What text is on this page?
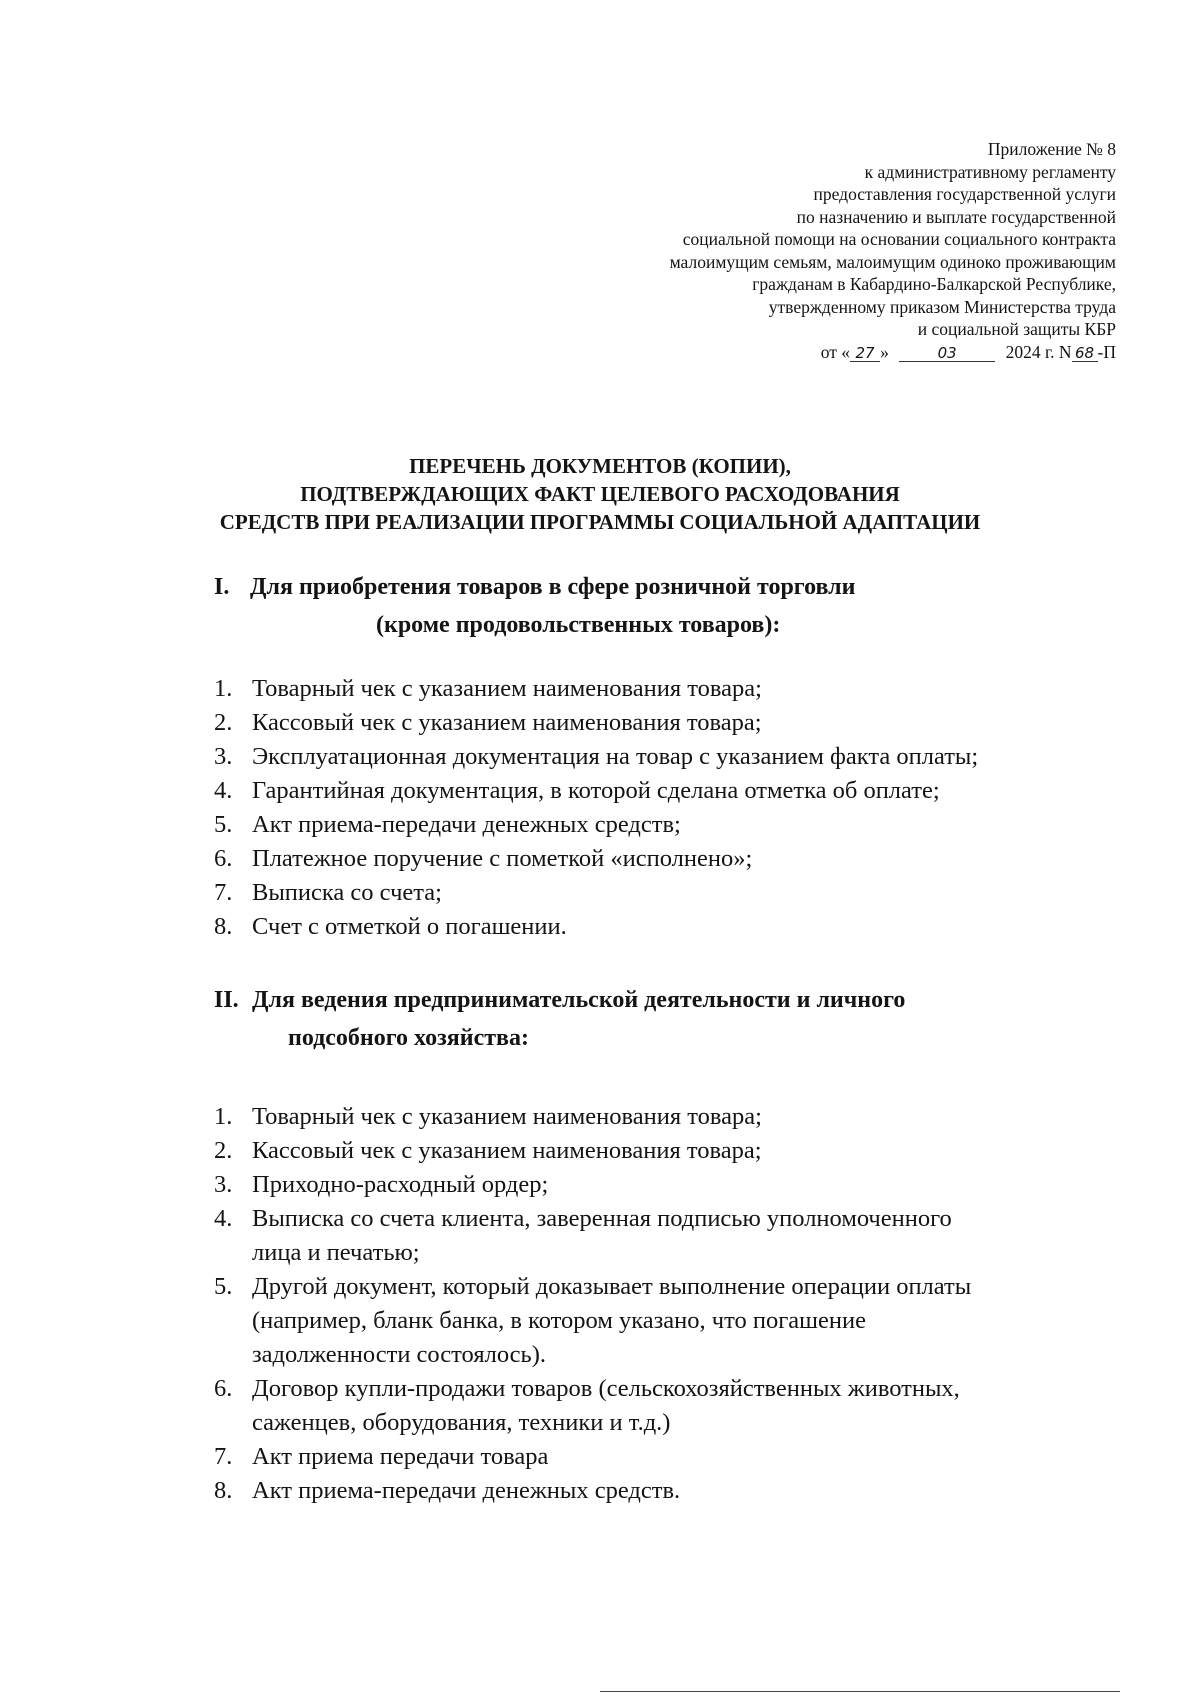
Приложение № 8
к административному регламенту
предоставления государственной услуги
по назначению и выплате государственной
социальной помощи на основании социального контракта
малоимущим семьям, малоимущим одиноко проживающим
гражданам в Кабардино-Балкарской Республике,
утвержденному приказом Министерства труда
и социальной защиты КБР
от « 27 »	03	2024 г. N 68 -П
ПЕРЕЧЕНЬ ДОКУМЕНТОВ (КОПИИ),
ПОДТВЕРЖДАЮЩИХ ФАКТ ЦЕЛЕВОГО РАСХОДОВАНИЯ
СРЕДСТВ ПРИ РЕАЛИЗАЦИИ ПРОГРАММЫ СОЦИАЛЬНОЙ АДАПТАЦИИ
I. Для приобретения товаров в сфере розничной торговли
(кроме продовольственных товаров):
1. Товарный чек с указанием наименования товара;
2. Кассовый чек с указанием наименования товара;
3. Эксплуатационная документация на товар с указанием факта оплаты;
4. Гарантийная документация, в которой сделана отметка об оплате;
5. Акт приема-передачи денежных средств;
6. Платежное поручение с пометкой «исполнено»;
7. Выписка со счета;
8. Счет с отметкой о погашении.
II. Для ведения предпринимательской деятельности и личного
подсобного хозяйства:
1. Товарный чек с указанием наименования товара;
2. Кассовый чек с указанием наименования товара;
3. Приходно-расходный ордер;
4. Выписка со счета клиента, заверенная подписью уполномоченного
лица и печатью;
5. Другой документ, который доказывает выполнение операции оплаты
(например, бланк банка, в котором указано, что погашение
задолженности состоялось).
6. Договор купли-продажи товаров (сельскохозяйственных животных,
саженцев, оборудования, техники и т.д.)
7. Акт приема передачи товара
8. Акт приема-передачи денежных средств.
